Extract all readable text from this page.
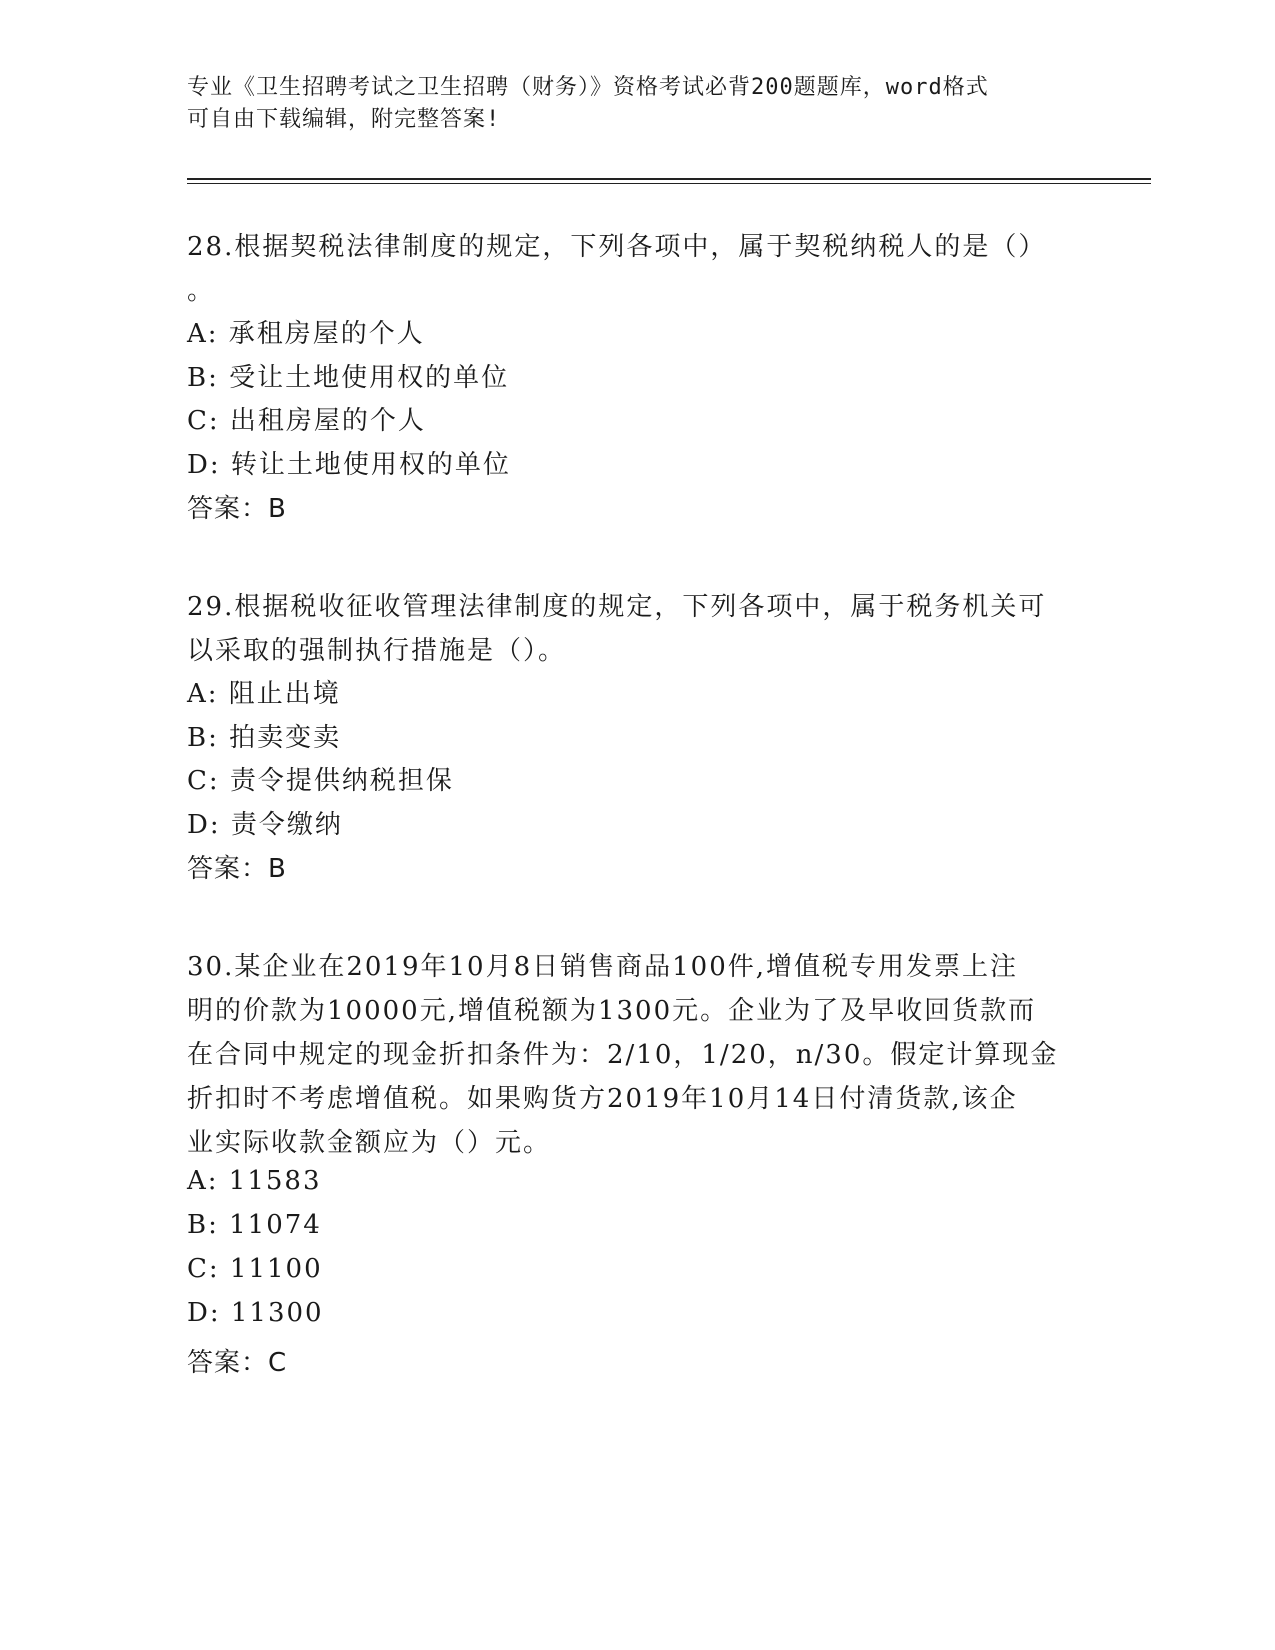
专业《卫生招聘考试之卫生招聘（财务）》资格考试必背200题题库，word格式
可自由下载编辑，附完整答案!
28.根据契税法律制度的规定，下列各项中，属于契税纳税人的是（）
。
A: 承租房屋的个人
B: 受让土地使用权的单位
C: 出租房屋的个人
D: 转让土地使用权的单位
答案：B
29.根据税收征收管理法律制度的规定，下列各项中，属于税务机关可
以采取的强制执行措施是（）。
A: 阻止出境
B: 拍卖变卖
C: 责令提供纳税担保
D: 责令缴纳
答案：B
30.某企业在2019年10月8日销售商品100件,增值税专用发票上注
明的价款为10000元,增值税额为1300元。企业为了及早收回货款而
在合同中规定的现金折扣条件为：2/10，1/20，n/30。假定计算现金
折扣时不考虑增值税。如果购货方2019年10月14日付清货款,该企
业实际收款金额应为（）元。
A: 11583
B: 11074
C: 11100
D: 11300
答案：C
